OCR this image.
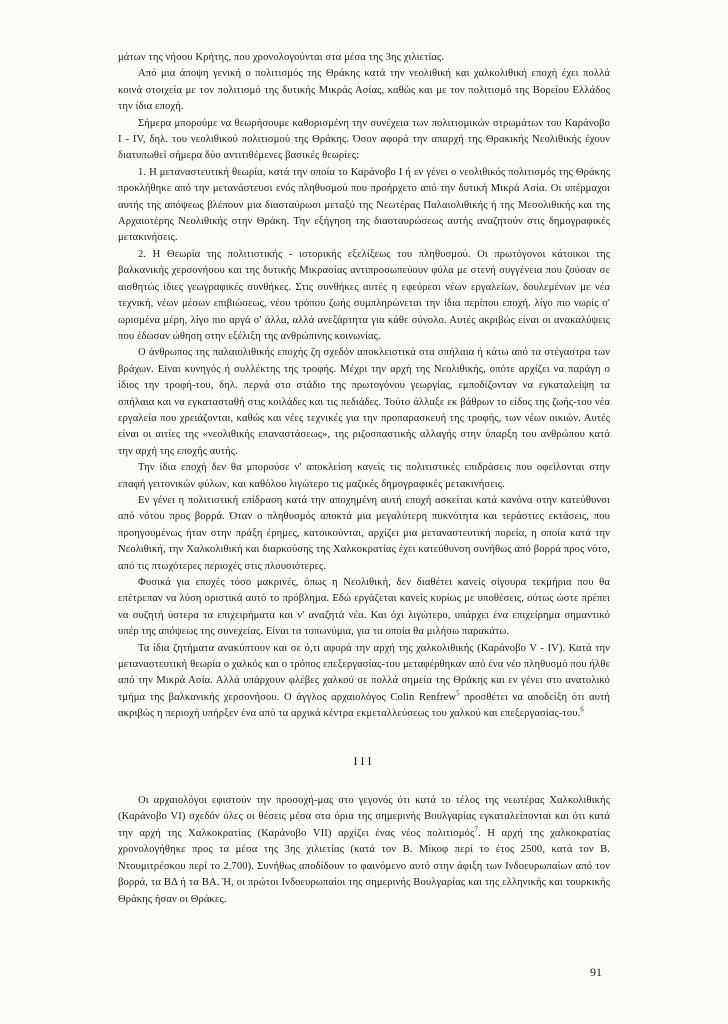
μάτων της νήσου Κρήτης, που χρονολογούνται στα μέσα της 3ης χιλιετίας.

Από μια άποψη γενική ο πολιτισμός της Θράκης κατά την νεολιθική και χαλκολιθική εποχή έχει πολλά κοινά στοιχεία με τον πολιτισμό της δυτικής Μικράς Ασίας, καθώς και με τον πολιτισμό της Βορείου Ελλάδος την ίδια εποχή.

Σήμερα μπορούμε να θεωρήσουμε καθορισμένη την συνέχεια των πολιτισμικών στρωμάτων του Καράνοβο I - IV, δηλ. του νεολιθικού πολιτισμού της Θράκης. Όσον αφορά την απαρχή της Θρακικής Νεολιθικής έχουν διατυπωθεί σήμερα δύο αντιτιθέμενες βασικές θεωρίες:

1. Η μεταναστευτική θεωρία, κατά την οποία το Καράνοβο I ή εν γένει ο νεολιθικός πολιτισμός της Θράκης προκλήθηκε από την μετανάστευσι ενός πληθυσμού που προήρχετο από την δυτική Μικρά Ασία. Οι υπέρμαχοι αυτής της απόψεως βλέπουν μια διασταύρωσι μεταξύ της Νεωτέρας Παλαιολιθικής ή της Μεσολιθικής και της Αρχαιοτέρης Νεολιθικής στην Θράκη. Την εξήγηση της διασταυρώσεως αυτής αναζητούν στις δημογραφικές μετακινήσεις.

2. Η Θεωρία της πολιτιστικής - ιστορικής εξελίξεως του πληθυσμού. Οι πρωτόγονοι κάτοικοι της βαλκανικής χερσονήσου και της δυτικής Μικρασίας αντιπροσωπεύουν φύλα με στενή συγγένεια που ζούσαν σε αισθητώς ίδιες γεωγραφικές συνθήκες. Στις συνθήκες αυτές η εφεύρεσι νέων εργαλείων, δουλεμένων με νέα τεχνική, νέων μέσων επιβιώσεως, νέου τρόπου ζωής συμπληρώνεται την ίδια περίπου εποχή. λίγο πιο νωρίς σ' ωρισμένα μέρη, λίγο πιο αργά σ' άλλα, αλλά ανεξάρτητα για κάθε σύνολο. Αυτές ακριβώς είναι οι ανακαλύψεις που έδωσαν ώθηση στην εξέλιξη της ανθρώπινης κοινωνίας.

Ο άνθρωπος της παλαιολιθικής εποχής ζη σχεδόν αποκλειστικά στα σπήλαια ή κάτω από τα στέγαστρα των βράχων. Είναι κυνηγός ή συλλέκτης της τροφής. Μέχρι την αρχή της Νεολιθικής, οπότε αρχίζει να παράγη ο ίδιος την τροφή-του, δηλ. περνά στο στάδιο της πρωτογόνου γεωργίας, εμποδίζονταν να εγκαταλείψη τα σπήλαια και να εγκατασταθή στις κοιλάδες και τις πεδιάδες. Τούτο άλλαξε εκ βάθρων το είδος της ζωής-του νέα εργαλεία που χρειάζονται, καθώς και νέες τεχνικές για την προπαρασκευή της τροφής, των νέων οικιών. Αυτές είναι οι αιτίες της «νεολιθικής επαναστάσεως», της ριζοσπαστικής αλλαγής στην ύπαρξη του ανθρώπου κατά την αρχή της εποχής αυτής.

Την ίδια εποχή δεν θα μπορούσε ν' αποκλείση κανείς τις πολιτιστικές επιδράσεις που οφείλονται στην επαφή γειτονικών φύλων, και καθόλου λιγώτερο τις μαζικές δημογραφικές μετακινήσεις.

Εν γένει η πολιτιστική επίδραση κατά την αποχημένη αυτή εποχή ασκείται κατά κανόνα στην κατεύθυνσι από νότου προς βορρά. Όταν ο πληθυσμός αποκτά μια μεγαλύτερη πυκνότητα και τεράστιες εκτάσεις, που προηγουμένως ήταν στην πράξη έρημες, κατοικούνται, αρχίζει μια μεταναστευτική πορεία, η οποία κατά την Νεολιθική, την Χαλκολιθική και διαρκούσης της Χαλκοκρατίας έχει κατεύθυνση συνήθως από βορρά προς νότο, από τις πτωχότερες περιοχές στις πλουσιότερες.

Φυσικά για εποχές τόσο μακρινές, όπως η Νεολιθική, δεν διαθέτει κανείς σίγουρα τεκμήρια που θα επέτρεπαν να λύση οριστικά αυτό το πρόβλημα. Εδώ εργάζεται κανείς κυρίως με υποθέσεις, ούτως ώστε πρέπει να συζητή ύστερα τα επιχειρήματα και ν' αναζητά νέα. Και όχι λιγώτερο, υπάρχει ένα επιχείρημα σημαντικό υπέρ της απόψεως της συνεχείας. Είναι τα τοπωνύμια, για τα οποία θα μιλήσω παρακάτω.

Τα ίδια ζητήματα ανακύπτουν και σε ό,τι αφορά την αρχή της χαλκολιθικής (Καράνοβο V - IV). Κατά την μεταναστευτική θεωρία ο χαλκός και ο τρόπος επεξεργασίας-του μεταφέρθηκαν από ένα νέο πληθυσμό που ήλθε από την Μικρά Ασία. Αλλά υπάρχουν φλέβες χαλκού σε πολλά σημεία της Θράκης και εν γένει στο ανατολικό τμήμα της βαλκανικής χερσονήσου. Ο άγγλος αρχαιολόγος Colin Renfrew$^5$ προσθέτει να αποδείξη ότι αυτή ακριβώς η περιοχή υπήρξεν ένα από τα αρχικά κέντρα εκμεταλλεύσεως του χαλκού και επεξεργασίας-του.$^6$

III

Οι αρχαιολόγοι εφιστούν την προσοχή-μας στο γεγονός ότι κατά το τέλος της νεωτέρας Χαλκολιθικής (Καράνοβο VI) σχεδόν όλες οι θέσεις μέσα στα όρια της σημερινής Βουλγαρίας εγκαταλείπονται και ότι κατά την αρχή της Χαλκοκρατίας (Καράνοβο VII) αρχίζει ένας νέος πολιτισμός$^7$. Η αρχή της χαλκοκρατίας χρονολογήθηκε προς τα μέσα της 3ης χιλιετίας (κατά τον Β. Μίκοφ περί το έτος 2500, κατά τον Β. Ντουμιτρέσκου περί το 2.700). Συνήθως αποδίδουν το φαινόμενο αυτό στην άφιξη των Ινδοευρωπαίων από τον βορρά, τα ΒΔ ή τα ΒΑ. Ή, οι πρώτοι Ινδοευρωπαίοι της σημερινής Βουλγαρίας και της ελληνικής και τουρκικής Θράκης ήσαν οι Θράκες.

91
